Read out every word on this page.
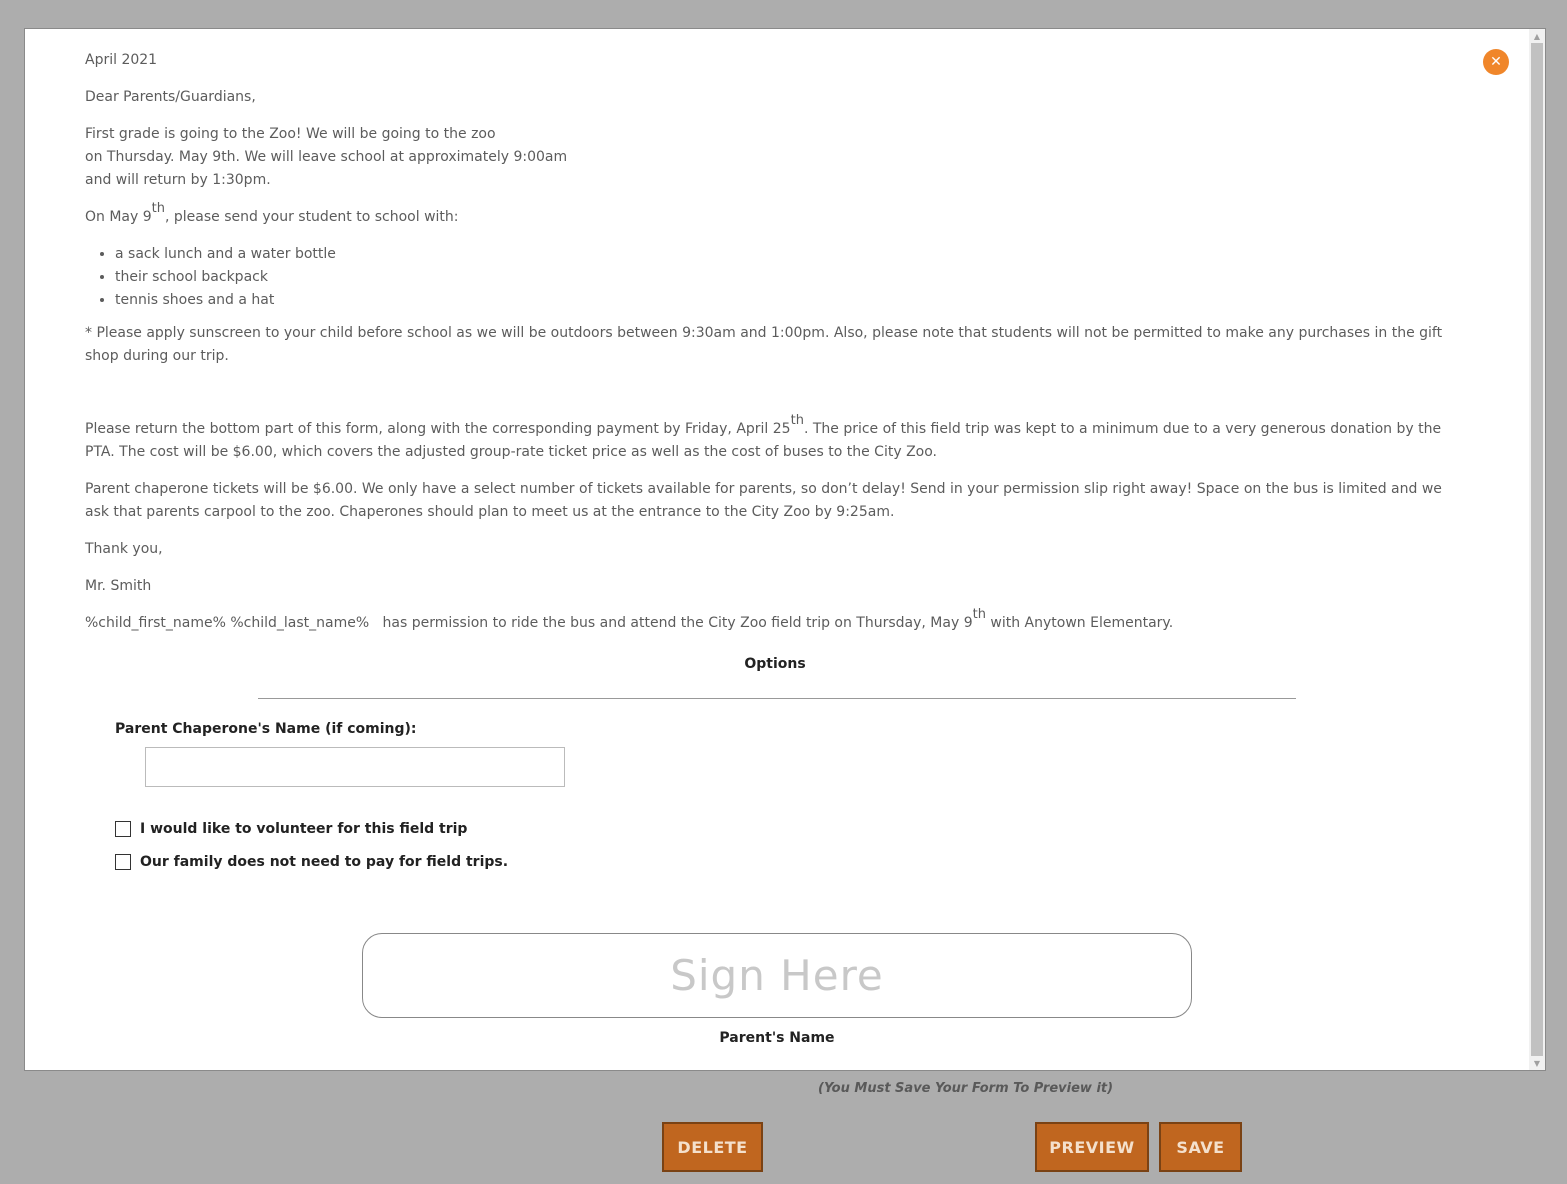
✕

April 2021

Dear Parents/Guardians,

First grade is going to the Zoo! We will be going to the zoo
on Thursday. May 9th. We will leave school at approximately 9:00am
and will return by 1:30pm.

On May 9th, please send your student to school with:

• a sack lunch and a water bottle
• their school backpack
• tennis shoes and a hat

* Please apply sunscreen to your child before school as we will be outdoors between 9:30am and 1:00pm. Also, please note that students will not be permitted to make any purchases in the gift shop during our trip.

Please return the bottom part of this form, along with the corresponding payment by Friday, April 25th. The price of this field trip was kept to a minimum due to a very generous donation by the PTA. The cost will be $6.00, which covers the adjusted group-rate ticket price as well as the cost of buses to the City Zoo.

Parent chaperone tickets will be $6.00. We only have a select number of tickets available for parents, so don’t delay! Send in your permission slip right away! Space on the bus is limited and we ask that parents carpool to the zoo. Chaperones should plan to meet us at the entrance to the City Zoo by 9:25am.

Thank you,

Mr. Smith

%child_first_name% %child_last_name%   has permission to ride the bus and attend the City Zoo field trip on Thursday, May 9th with Anytown Elementary.

Options
Parent Chaperone's Name (if coming):
I would like to volunteer for this field trip
Our family does not need to pay for field trips.
Sign Here
Parent's Name
▲
▼
(You Must Save Your Form To Preview it)
DELETE	PREVIEW	SAVE
